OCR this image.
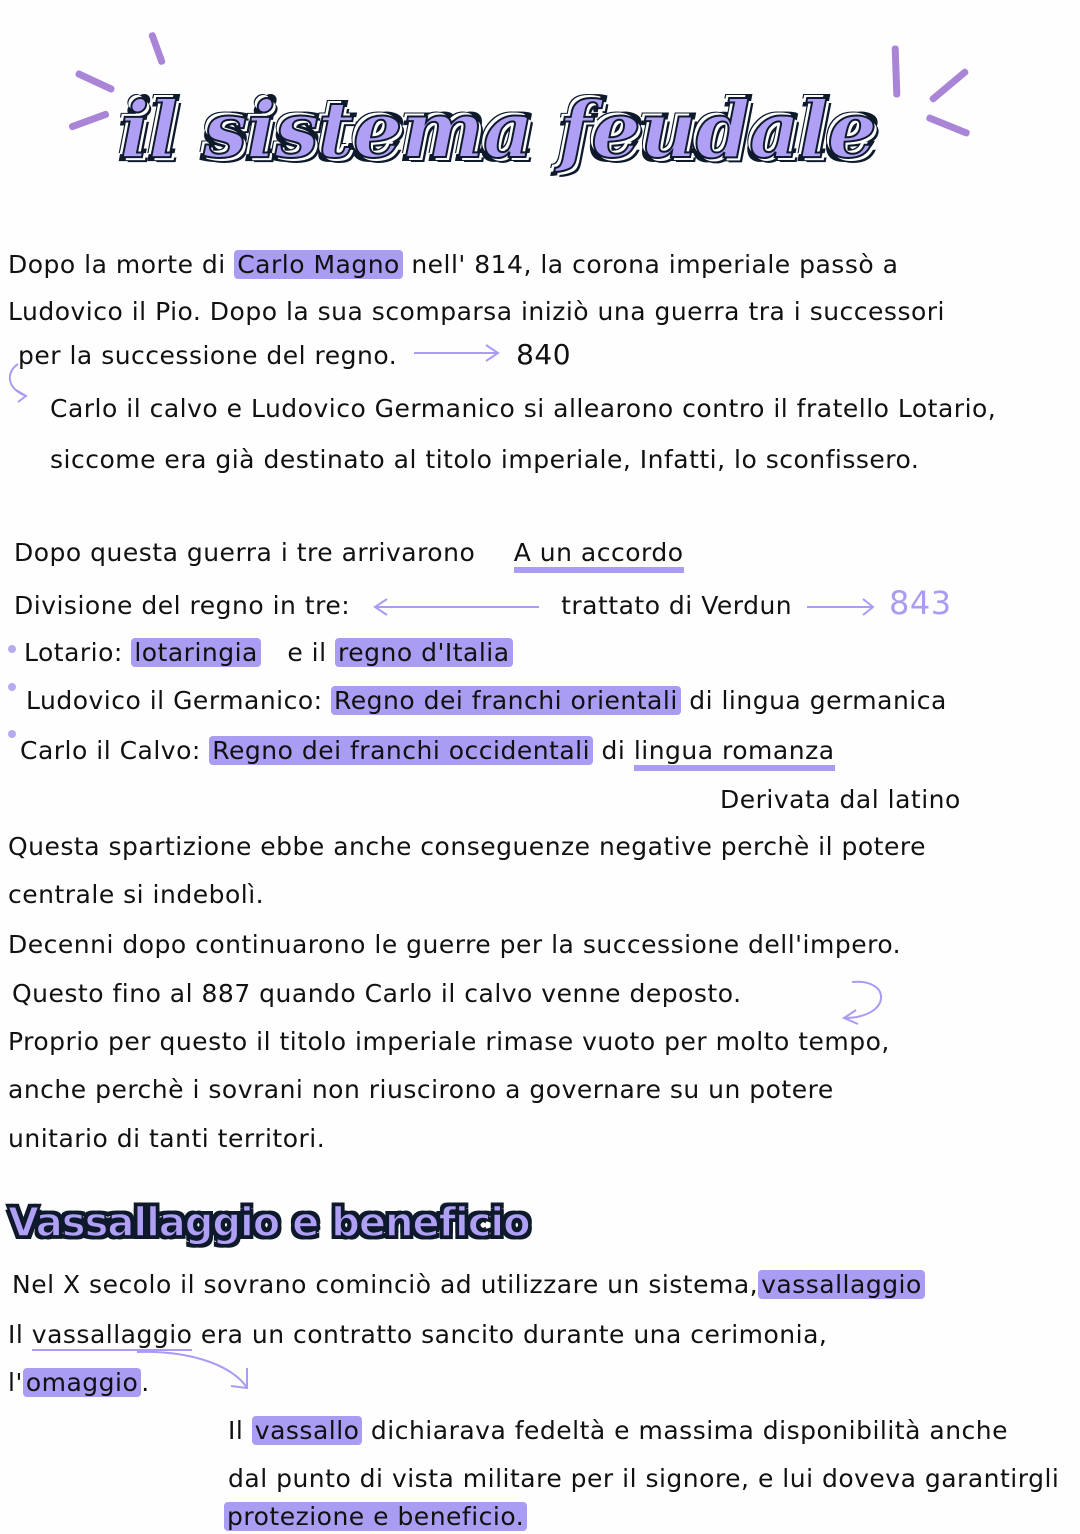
il sistema feudale
Dopo la morte di Carlo Magno nell' 814, la corona imperiale passò a
Ludovico il Pio. Dopo la sua scomparsa iniziò una guerra tra i successori
per la successione del regno.	840
Carlo il calvo e Ludovico Germanico si allearono contro il fratello Lotario,
siccome era già destinato al titolo imperiale, Infatti, lo sconfissero.
Dopo questa guerra i tre arrivarono A un accordo
Divisione del regno in tre:	trattato di Verdun	843
Lotario: lotaringia e il regno d'Italia
Ludovico il Germanico: Regno dei franchi orientali di lingua germanica
Carlo il Calvo: Regno dei franchi occidentali di lingua romanza
Derivata dal latino
Questa spartizione ebbe anche conseguenze negative perchè il potere
centrale si indebolì.
Decenni dopo continuarono le guerre per la successione dell'impero.
Questo fino al 887 quando Carlo il calvo venne deposto.
Proprio per questo il titolo imperiale rimase vuoto per molto tempo,
anche perchè i sovrani non riuscirono a governare su un potere
unitario di tanti territori.
Vassallaggio e beneficio
Nel X secolo il sovrano cominciò ad utilizzare un sistema, vassallaggio
Il vassallaggio era un contratto sancito durante una cerimonia,
l' omaggio .
Il vassallo dichiarava fedeltà e massima disponibilità anche
dal punto di vista militare per il signore, e lui doveva garantirgli
protezione e beneficio.
